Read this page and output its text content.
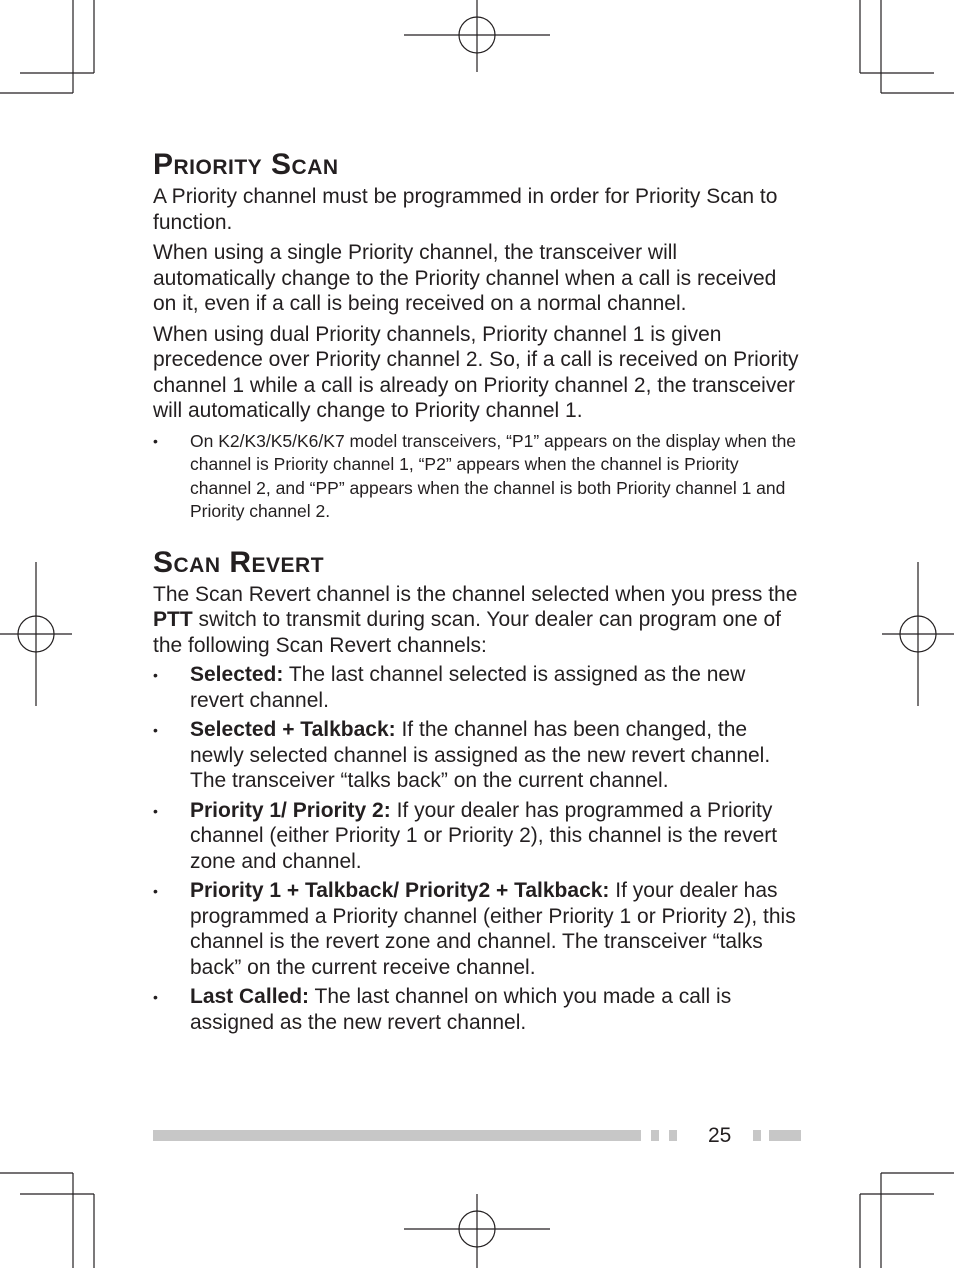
Priority Scan

A Priority channel must be programmed in order for Priority Scan to function.

When using a single Priority channel, the transceiver will automatically change to the Priority channel when a call is received on it, even if a call is being received on a normal channel.

When using dual Priority channels, Priority channel 1 is given precedence over Priority channel 2. So, if a call is received on Priority channel 1 while a call is already on Priority channel 2, the transceiver will automatically change to Priority channel 1.

• On K2/K3/K5/K6/K7 model transceivers, “P1” appears on the display when the channel is Priority channel 1, “P2” appears when the channel is Priority channel 2, and “PP” appears when the channel is both Priority channel 1 and Priority channel 2.
Scan Revert

The Scan Revert channel is the channel selected when you press the PTT switch to transmit during scan. Your dealer can program one of the following Scan Revert channels:

• Selected: The last channel selected is assigned as the new revert channel.
• Selected + Talkback: If the channel has been changed, the newly selected channel is assigned as the new revert channel. The transceiver “talks back” on the current channel.
• Priority 1/ Priority 2: If your dealer has programmed a Priority channel (either Priority 1 or Priority 2), this channel is the revert zone and channel.
• Priority 1 + Talkback/ Priority2 + Talkback: If your dealer has programmed a Priority channel (either Priority 1 or Priority 2), this channel is the revert zone and channel. The transceiver “talks back” on the current receive channel.
• Last Called: The last channel on which you made a call is assigned as the new revert channel.
25
